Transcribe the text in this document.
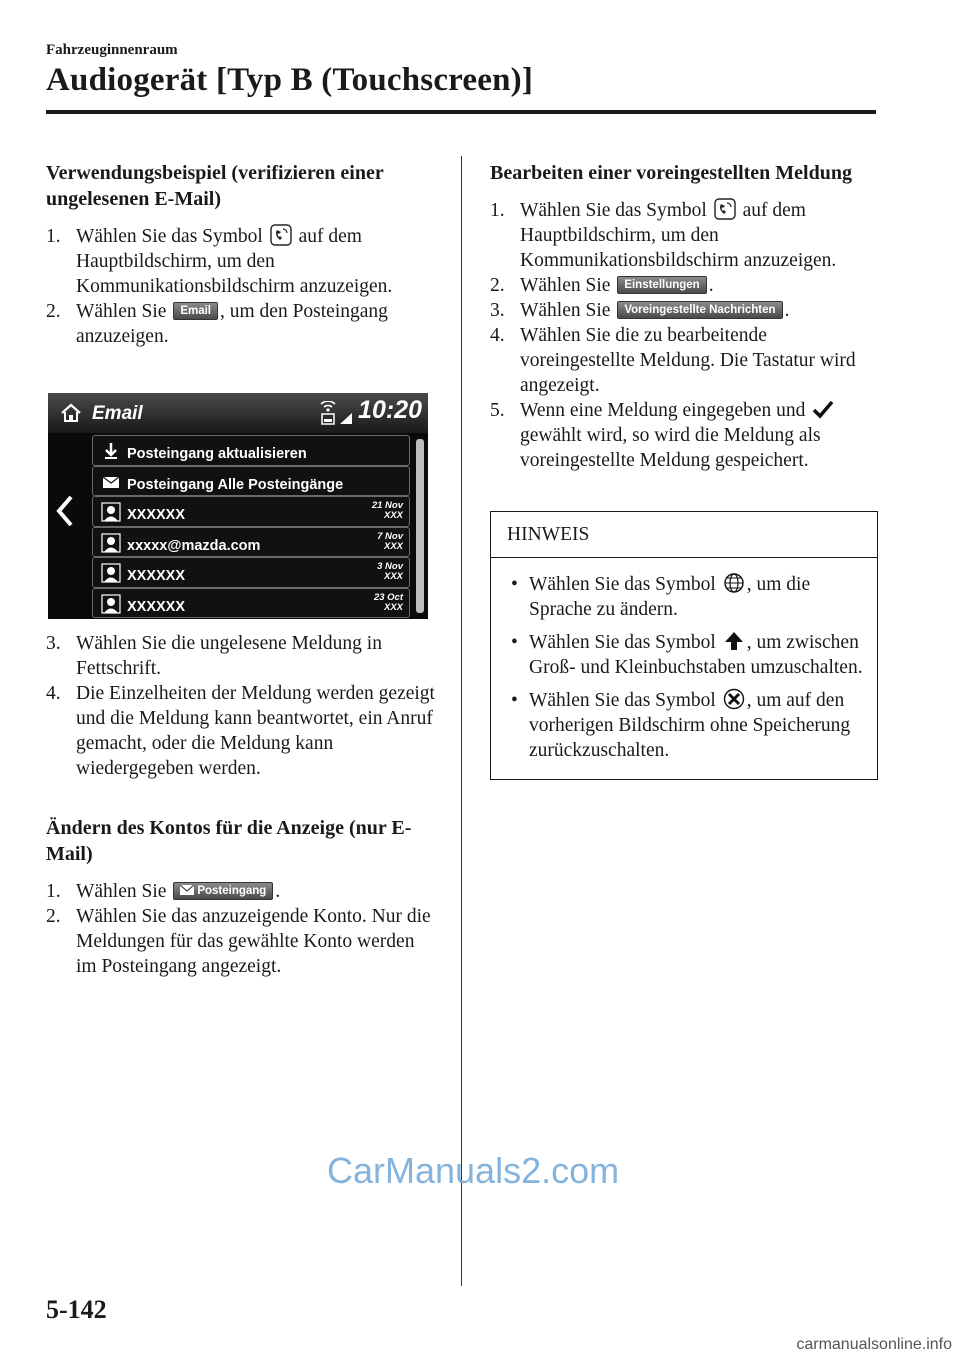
Fahrzeuginnenraum
Audiogerät [Typ B (Touchscreen)]
Verwendungsbeispiel (verifizieren einer ungelesenen E-Mail)
1. Wählen Sie das Symbol auf dem Hauptbildschirm, um den Kommunikationsbildschirm anzuzeigen.
2. Wählen Sie Email , um den Posteingang anzuzeigen.
Email	10:20
Posteingang aktualisieren
Posteingang Alle Posteingänge
XXXXXX
21 Nov
XXX
xxxxx@mazda.com
7 Nov
XXX
XXXXXX
3 Nov
XXX
XXXXXX
23 Oct
XXX
3. Wählen Sie die ungelesene Meldung in Fettschrift.
4. Die Einzelheiten der Meldung werden gezeigt und die Meldung kann beantwortet, ein Anruf gemacht, oder die Meldung kann wiedergegeben werden.
Ändern des Kontos für die Anzeige (nur E-Mail)
1. Wählen Sie	Posteingang .
2. Wählen Sie das anzuzeigende Konto. Nur die Meldungen für das gewählte Konto werden im Posteingang angezeigt.
Bearbeiten einer voreingestellten Meldung
1. Wählen Sie das Symbol auf dem Hauptbildschirm, um den Kommunikationsbildschirm anzuzeigen.
2. Wählen Sie Einstellungen .
3. Wählen Sie Voreingestellte Nachrichten .
4. Wählen Sie die zu bearbeitende voreingestellte Meldung. Die Tastatur wird angezeigt.
5. Wenn eine Meldung eingegeben und  gewählt wird, so wird die Meldung als voreingestellte Meldung gespeichert.
HINWEIS
• Wählen Sie das Symbol , um die Sprache zu ändern.
• Wählen Sie das Symbol , um zwischen Groß- und Kleinbuchstaben umzuschalten.
• Wählen Sie das Symbol , um auf den vorherigen Bildschirm ohne Speicherung zurückzuschalten.
CarManuals2.com
5-142
carmanualsonline.info
